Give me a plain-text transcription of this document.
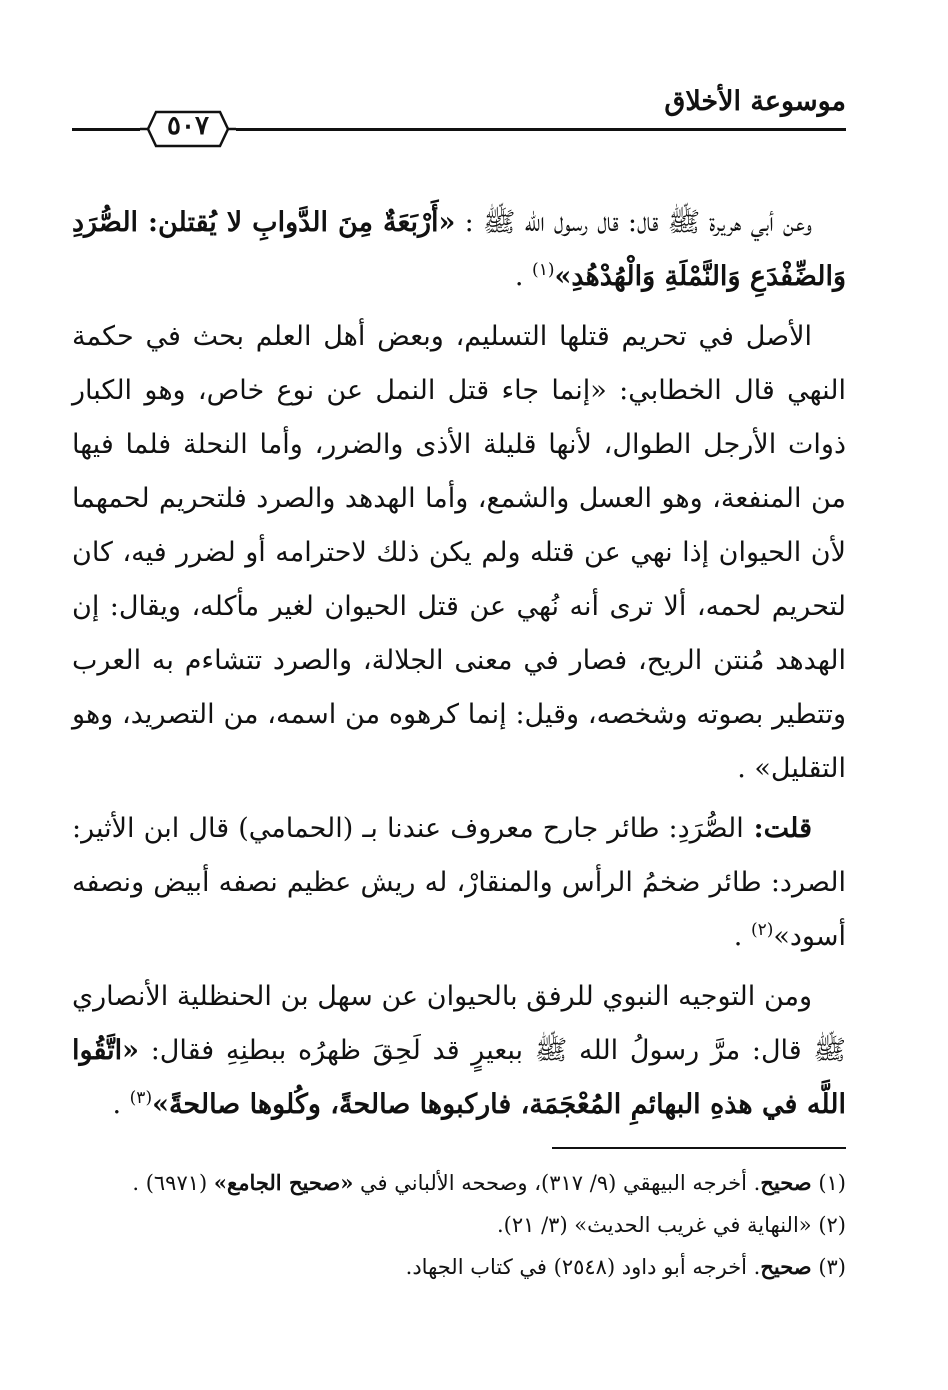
موسوعة الأخلاق
٥٠٧

وعن أبي هريرة ﷺ قال: قال رسول الله ﷺ : «أَرْبَعَةٌ مِنَ الدَّوابِ لا يُقتلن: الصُّرَدِ وَالضِّفْدَعِ وَالنَّمْلَةِ وَالْهُدْهُدِ»$^{(١)}$ .

الأصل في تحريم قتلها التسليم، وبعض أهل العلم بحث في حكمة النهي قال الخطابي: «إنما جاء قتل النمل عن نوع خاص، وهو الكبار ذوات الأرجل الطوال، لأنها قليلة الأذى والضرر، وأما النحلة فلما فيها من المنفعة، وهو العسل والشمع، وأما الهدهد والصرد فلتحريم لحمهما لأن الحيوان إذا نهي عن قتله ولم يكن ذلك لاحترامه أو لضرر فيه، كان لتحريم لحمه، ألا ترى أنه نُهي عن قتل الحيوان لغير مأكله، ويقال: إن الهدهد مُنتن الريح، فصار في معنى الجلالة، والصرد تتشاءم به العرب وتتطير بصوته وشخصه، وقيل: إنما كرهوه من اسمه، من التصريد، وهو التقليل» .

قلت: الصُّرَدِ: طائر جارح معروف عندنا بـ (الحمامي) قال ابن الأثير: الصرد: طائر ضخمُ الرأس والمنقارْ، له ريش عظيم نصفه أبيض ونصفه أسود»$^{(٢)}$ .

ومن التوجيه النبوي للرفق بالحيوان عن سهل بن الحنظلية الأنصاري ﷺ قال: مرَّ رسولُ الله ﷺ ببعيرٍ قد لَحِقَ ظهرُه ببطنِهِ فقال: «اتَّقُوا اللَّه في هذهِ البهائمِ المُعْجَمَة، فاركبوها صالحةً، وكُلوها صالحةً»$^{(٣)}$ .

(١) صحيح. أخرجه البيهقي (٩/ ٣١٧)، وصححه الألباني في «صحيح الجامع» (٦٩٧١) .
(٢) «النهاية في غريب الحديث» (٣/ ٢١).
(٣) صحيح. أخرجه أبو داود (٢٥٤٨) في كتاب الجهاد.
